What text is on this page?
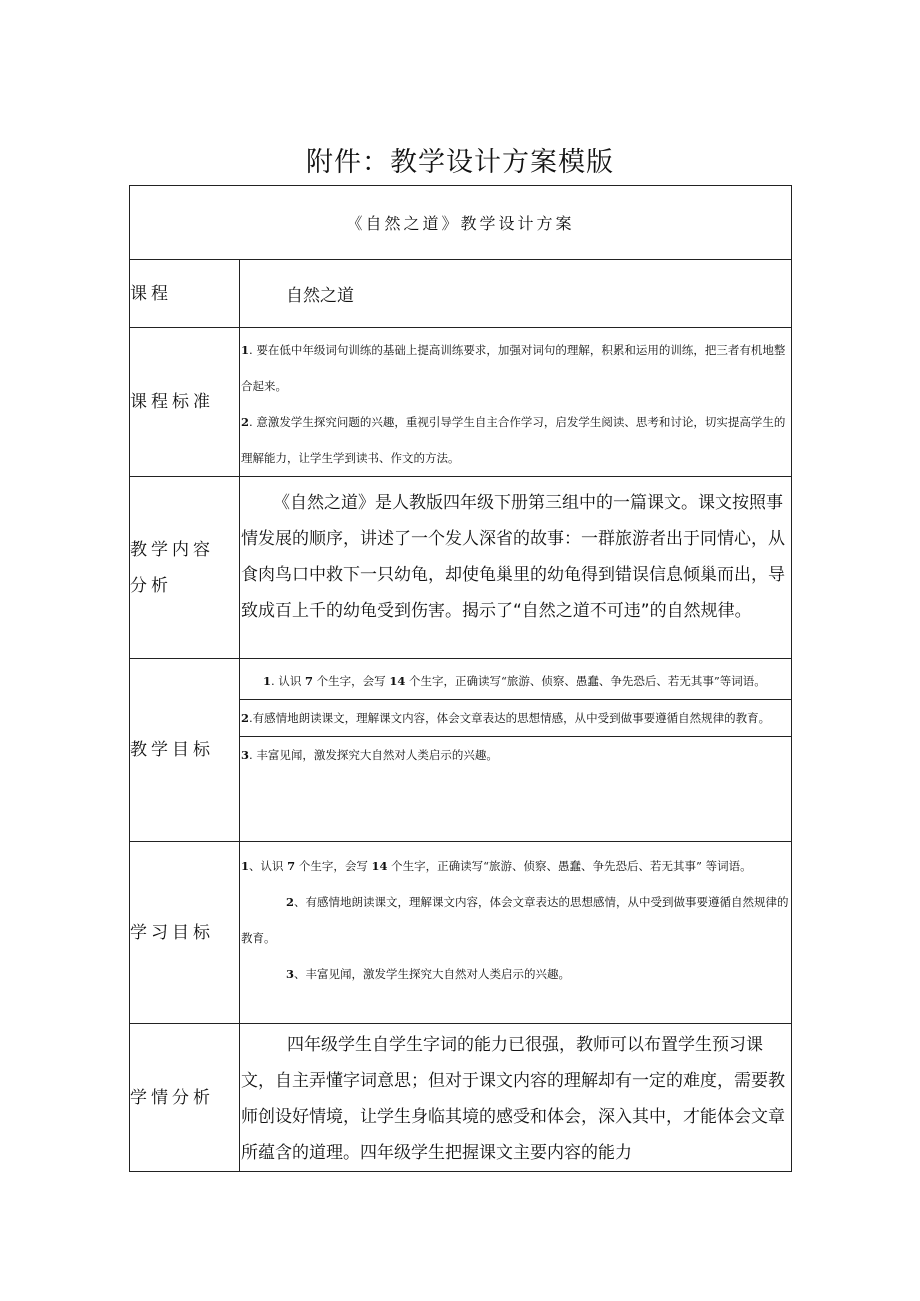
附件：教学设计方案模版
《自然之道》教学设计方案	

课程	自然之道

课程标准	1. 要在低中年级词句训练的基础上提高训练要求，加强对词句的理解，积累和运用的训练，把三者有机地整合起来。
2. 意激发学生探究问题的兴趣，重视引导学生自主合作学习，启发学生阅读、思考和讨论，切实提高学生的理解能力，让学生学到读书、作文的方法。

教学内容分析	《自然之道》是人教版四年级下册第三组中的一篇课文。课文按照事情发展的顺序，讲述了一个发人深省的故事：一群旅游者出于同情心，从食肉鸟口中救下一只幼龟，却使龟巢里的幼龟得到错误信息倾巢而出，导致成百上千的幼龟受到伤害。揭示了“自然之道不可违”的自然规律。

教学目标	1. 认识 7 个生字，会写 14 个生字，正确读写“旅游、侦察、愚蠢、争先恐后、若无其事”等词语。
2.有感情地朗读课文，理解课文内容，体会文章表达的思想情感，从中受到做事要遵循自然规律的教育。
3. 丰富见闻，激发探究大自然对人类启示的兴趣。

学习目标	1、认识 7 个生字，会写 14 个生字，正确读写“旅游、侦察、愚蠢、争先恐后、若无其事” 等词语。
2、有感情地朗读课文，理解课文内容，体会文章表达的思想感情，从中受到做事要遵循自然规律的教育。
3、丰富见闻，激发学生探究大自然对人类启示的兴趣。

学情分析	四年级学生自学生字词的能力已很强，教师可以布置学生预习课文，自主弄懂字词意思；但对于课文内容的理解却有一定的难度，需要教师创设好情境，让学生身临其境的感受和体会，深入其中，才能体会文章所蕴含的道理。四年级学生把握课文主要内容的能力
